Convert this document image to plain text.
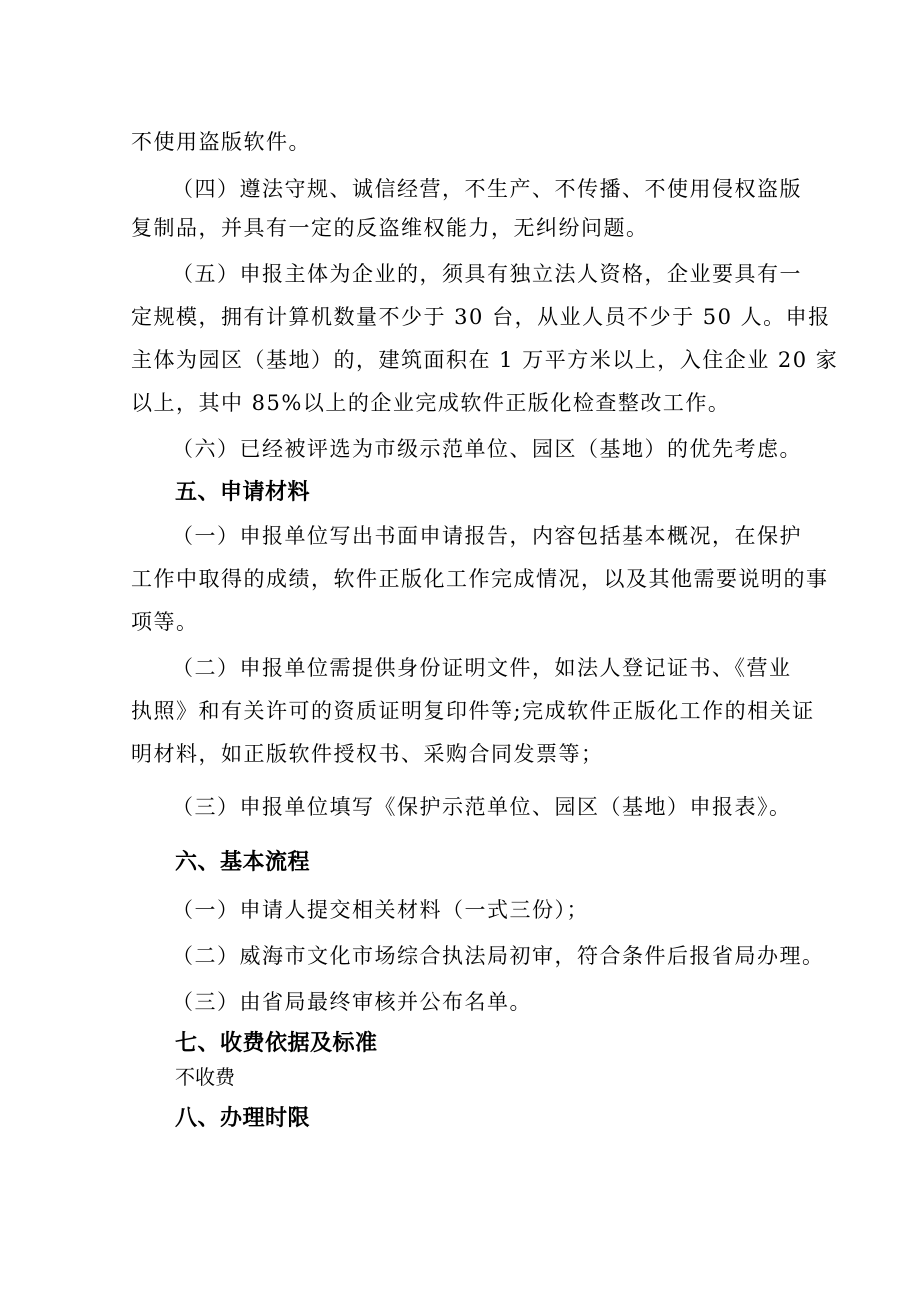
不使用盗版软件。
（四）遵法守规、诚信经营，不生产、不传播、不使用侵权盗版
复制品，并具有一定的反盗维权能力，无纠纷问题。
（五）申报主体为企业的，须具有独立法人资格，企业要具有一
定规模，拥有计算机数量不少于 30 台，从业人员不少于 50 人。申报
主体为园区（基地）的，建筑面积在 1 万平方米以上，入住企业 20 家
以上，其中 85%以上的企业完成软件正版化检查整改工作。
（六）已经被评选为市级示范单位、园区（基地）的优先考虑。
五、申请材料
（一）申报单位写出书面申请报告，内容包括基本概况，在保护
工作中取得的成绩，软件正版化工作完成情况，以及其他需要说明的事
项等。
（二）申报单位需提供身份证明文件，如法人登记证书、《营业
执照》和有关许可的资质证明复印件等;完成软件正版化工作的相关证
明材料，如正版软件授权书、采购合同发票等；
（三）申报单位填写《保护示范单位、园区（基地）申报表》。
六、基本流程
（一）申请人提交相关材料（一式三份）；
（二）威海市文化市场综合执法局初审，符合条件后报省局办理。
（三）由省局最终审核并公布名单。
七、收费依据及标准
不收费
八、办理时限
